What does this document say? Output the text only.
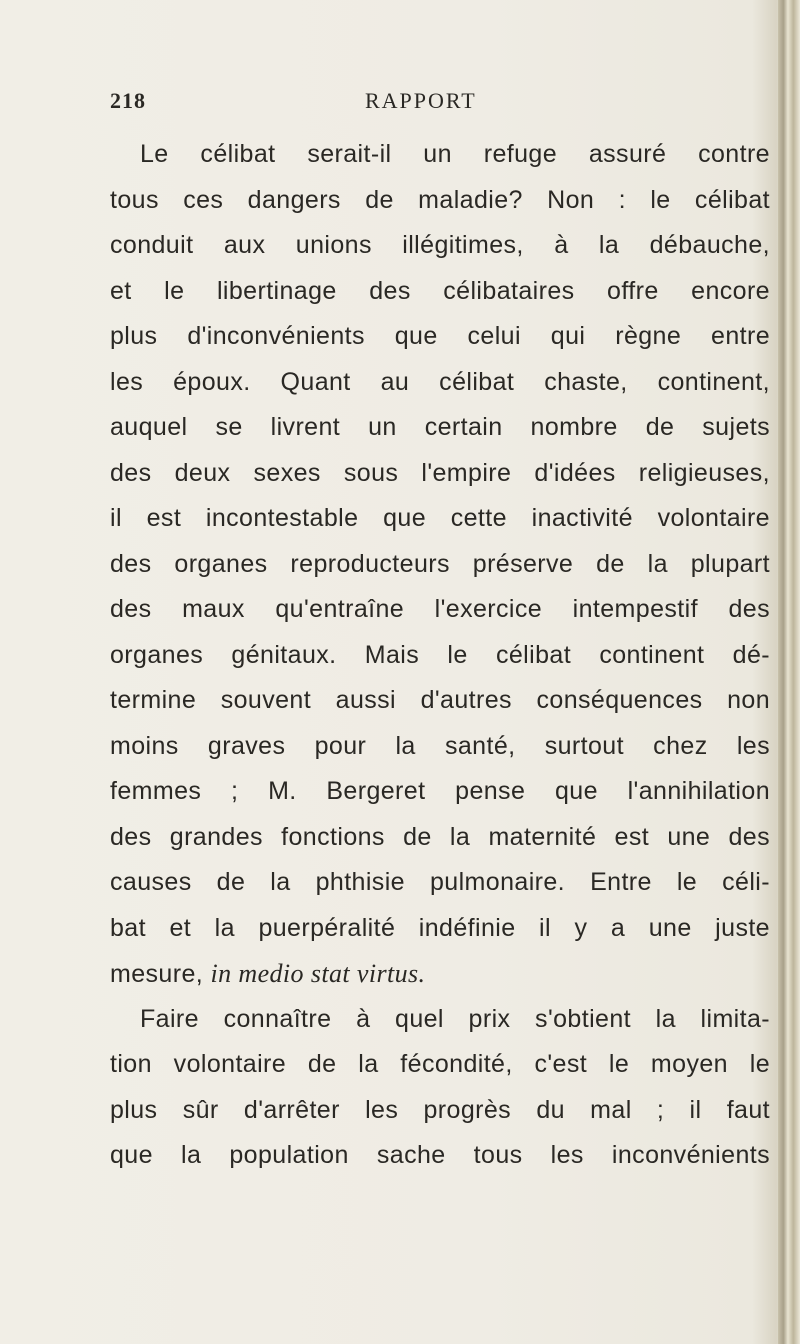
218	RAPPORT
Le célibat serait-il un refuge assuré contre
tous ces dangers de maladie? Non : le célibat
conduit aux unions illégitimes, à la débauche,
et le libertinage des célibataires offre encore
plus d'inconvénients que celui qui règne entre
les époux. Quant au célibat chaste, continent,
auquel se livrent un certain nombre de sujets
des deux sexes sous l'empire d'idées religieuses,
il est incontestable que cette inactivité volontaire
des organes reproducteurs préserve de la plupart
des maux qu'entraîne l'exercice intempestif des
organes génitaux. Mais le célibat continent dé-
termine souvent aussi d'autres conséquences non
moins graves pour la santé, surtout chez les
femmes ; M. Bergeret pense que l'annihilation
des grandes fonctions de la maternité est une des
causes de la phthisie pulmonaire. Entre le céli-
bat et la puerpéralité indéfinie il y a une juste
mesure, in medio stat virtus.
Faire connaître à quel prix s'obtient la limita-
tion volontaire de la fécondité, c'est le moyen le
plus sûr d'arrêter les progrès du mal ; il faut
que la population sache tous les inconvénients
